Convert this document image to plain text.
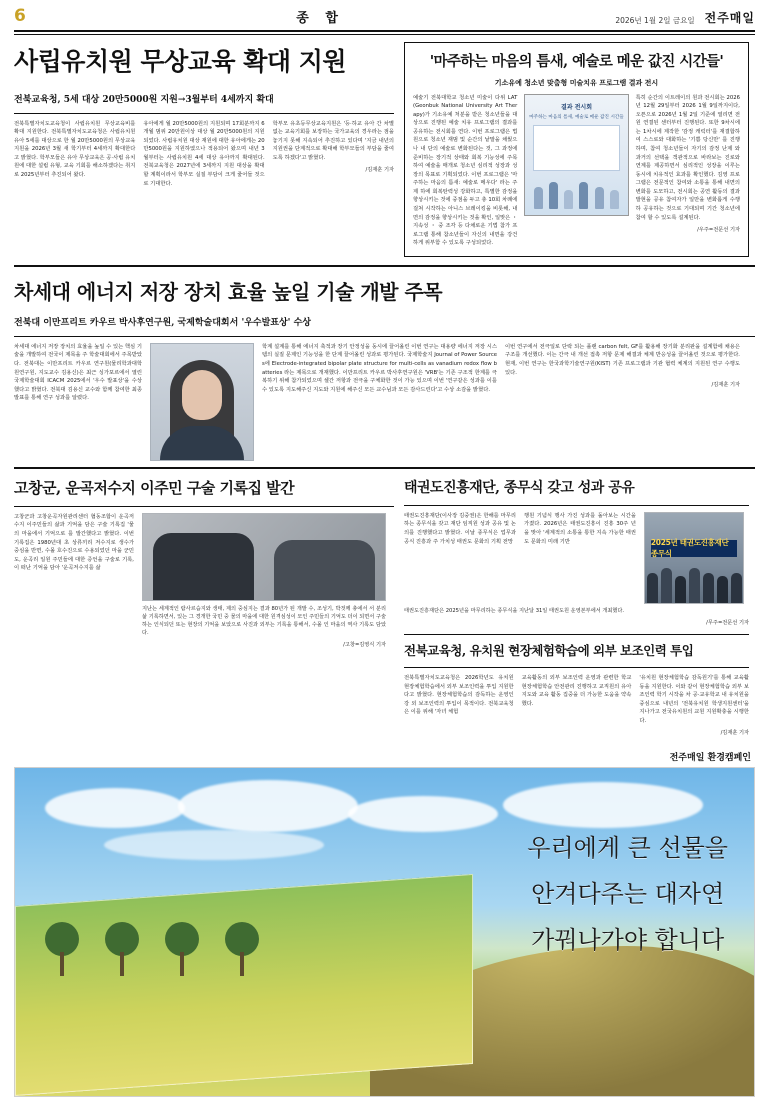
6	종 합	2026년 1월 2일 금요일 전주매일
사립유치원 무상교육 확대 지원

전북교육청, 5세 대상 20만5000원 지원→3월부터 4세까지 확대

전북특별자치도교육청이 사립유치원 무상교육비를 확대 지원한다. 전북특별자치도교육청은 사립유치원 유아 5세를 대상으로 한 월 20만5000원의 무상교육 지원을 2026년 3월 새 학기부터 4세까지 확대한다고 밝혔다. 학부모들은 유아 무상교육은 공·사립 유치원에 대한 설립 유형, 교육 기회를 해소하겠다는 취지로 2025년부터 추진되어 왔다.
유아에게 월 20만5000원의 지원되며 17회분까지 6개월 범위 20만원이상 대상 월 20만5000원의 지원되었다. 사립유치원 대상 재원에 대한 유아에게는 20만5000원을 지원하였으나 적용되어 왔으며 내년 3월부터는 사립유치원 4세 대상 유아까지 확대된다. 전북교육청은 2027년에 3세까지 지원 대상을 확대할 계획이라서 학부모 실질 부담이 크게 줄어들 것으로 기대한다.
학부모 유초등무상교육지원은 '등·하교 유아 간 차별 없는 교육기회를 보장하는 국가교육의 경우라는 점을 놓기지 못해 지속되어 추진하고 있다며 '지금 내년의 지원권을 단계적으로 확대해 학부모들의 부담을 줄여도록 하겠다'고 밝혔다.
/김재훈 기자
'마주하는 마음의 틈새, 예술로 메운 값진 시간들'
기소유예 청소년 맞춤형 미술치유 프로그램 결과 전시
예술기 전북대학교 청소년 미술이 다위 LAT(Geonbuk National University Art Therapy)가 기소유예 처분을 받은 청소년들을 대상으로 진행된 예술 치유 프로그램의 결과를 공유하는 전시회를 연다. 이번 프로그램은 법원으로 청소년 재범 및 순간의 낱말을 채웠으나 내 단의 예술로 변화된다는 것, 그 과정에 준비하는 장기적 상태와 회복 기능성에 주목하여 예술을 매개로 청소년 심리적 성장과 성장의 목표로 기획되었다. 이번 프로그램은 '마주하는 마음의 틈새: 예술로 메우다' 라는 주제 하에 회복탄력성 강화하고, 특별한 감정을 향상시키는 것에 중점을 두고 총 10회 차례에 걸쳐 시작하는 아니스 브레이킹을 비롯해, 내면의 감정을 향상시키는 것을 확인, 일맞은 ・ 지속성 ・ 중 조각 등 다채로운 기법 참가 프로그램 통해 참소년들이 자신의 내면을 강건하게 위부함 수 있도록 구성되었다.
결과 전시회
마주하는 마음의 틈새, 예술로 메운 값진 시간들
특히 순간의 이트레이의 원과 전시회는 2026년 12월 29일부터 2026 1월 9일까지이다, 오픈으로 2026년 1월 2일 기준에 열리면 전원 연결된 센터부터 진행된다. 또한 9차시에는 1차시에 제작한 '감정 캐릭터'를 재결합하여 스스로와 대화하는 '기쁨 당신만' 를 진행하며, 참여 청소년들이 자기의 감정 난제 와 과거의 선택을 객관적으로 바라보는 진로와 연계를 제공하면서 심리적인 성장을 이루는 동시에 치유적인 효과를 확인했다. 김영 프로그램은 전문적인 참여와 소통을 통해 내면의 변화를 도모하고, 전시회는 공연 활동의 결과 발현을 공유 참여자가 일만을 변화롭게 수행하 공유하는 것으로 기대되며 기간 청소년에 참여 할 수 있도록 설계된다.
/우주=전문선 기자
차세대 에너지 저장 장치 효율 높일 기술 개발 주목

전북대 이만프리트 카우르 박사후연구원, 국제학술대회서 '우수발표상' 수상

차세대 에너지 저장 장치의 효율을 높일 수 있는 핵심 기술을 개발하여 전국이 제목을 주 학술대회에서 주목받았다. 전북대는 이만프리트 카우르 연구원(물리학과대학원연구원, 지도교수 김용신)은 최근 싱가포르에서 열린 국제학술대회 ICACM 2025에서 '우수 발표상'을 수상했다고 밝혔다. 전북대 김용신 교수와 함께 참여한 최종 발표를 통해 연구 성과를 알렸다.
학계 설계를 통해 에너지 축적과 장기 안정성을 동시에 끌어올린 이번 연구는 대용량 에너지 저장 시스템의 실질 문제인 기능성을 한 단계 끌어올린 성과로 평가된다. 국제학술지 Journal of Power Sources에 Electrode-integrated bipolar plate structure for multi-cells as vanadium redox flow batteries 라는 제목으로 개재했다. 이만프리트 카우르 박사후연구원은 'VRB'는 기존 구조적 한계를 극복하기 위해 참가되었으며 셀간 저항과 전극을 구체화한 것이 가능 있으며 이번 '연구같은 성과를 이를 수 있도록 지도해주신 지도와 지원에 해주신 모든 교수님과 모든 감사드린다'고 수상 소감을 밝혔다.
이번 연구에서 전극일로 단락 되는 플랜 carbon felt, GF를 활용해 장기화 분리판을 설계함에 채용은 구조를 개선했다. 이는 간극 내 개선 접촉 저항 문제 해결과 체계 반응성을 끌어올린 것으로 평가한다. 현재, 이번 연구는 한국과학기술연구원(KIST) 기존 프로그램과 기관 협력 체계의 지원된 연구 수행도 있다.
/김재훈 기자
고창군, 운곡저수지 이주민 구술 기록집 발간
고창군과 고창운곡자원관리센터 협동조합이 운곡저수지 이주민들의 삶과 기억을 담은 구술 기록집 '물의 마을에서 기억으로 를 발간했다고 밝혔다. 이번 기록집은 1980년대 초 상류끼리 저수지로 생수가 중심을 반면, 수몰 호수진으로 수용되었던 마을 군민도, 운곡리 일원 주민들에 대한 증언을 구술로 기록, 이 떠난 기억을 담아 '운곡저수지를 삶
지난는 세계적인 람사르습지와 생태, 제의 중심지는 결과 80년가 된 개발 수, 조성기, 박것께 총에서 서 분리 삶 기록하면서, 있는 그 경개한 국민 중 물의 마을에 대한 원격심성이 모인 주민들의 기억도 더이 되면서 구술하는 인식되던 또는 현장의 기억을 보았으로 사진과 외부는 기록을 통해서, 수몰 인 마을의 역사 기록도 담았다.
/고창=김영식 기자
태권도진흥재단, 종무식 갖고 성과 공유
태권도진흥재단(이사장 김중권)은 한해를 마무리하는 종무식을 갖고 재단 임직원 성과 공유 및 논의를 진행했다고 밝혔다. 이날 종무식은 업무과공식 진흥과 주 가치성 태권도 문화의 기획 전망
행원 기념식 행사 가진 성과를 돌아보는 시간을 가졌다. 2026년은 태권도진흥이 진흥 30주 년을 맞아 '세계적의 소통을 통한 지속 가능한 태권도 문화의 미래 기반	2025년 태권도진흥재단 종무식
태권도진흥재단은 2025년을 마무리하는 종무식을 지난달 31일 태권도원 운영본부에서 개최했다.
/무주=전문선 기자
전북교육청, 유치원 현장체험학습에 외부 보조인력 투입
전북특별자치도교육청은 2026학년도 유치원 현장체험학습에서 외부 보조인력을 투입 지원한다고 밝혔다. 현장체험학습의 감독하는 운영인 강 외 보조인력의 투입이 목적이다. 전북교육청은 이를 위해 '자녀 체험
교육활동의 외부 보조인력 운영과 관련한 학교 현장체험학습 안전관리 진행하고 교직원의 유아 지도와 교육 활동 집중을 더 가능한 도움을 약속했다.
'유치원 현장체험학습 감독원기'를 통해 교육활동을 지원한다. 이와 같이 현장체험학습 외부 보조인력 학기 시작을 차 공·교유학교 내 유치원을 중심으로 내년의 '전북유치원 학생지원센터'을 지나가고 전국유치원의 교원 지원확충을 시행한다.
/김재훈 기자
전주매일 환경캠페인
우리에게 큰 선물을
안겨다주는 대자연
가꿔나가야 합니다
